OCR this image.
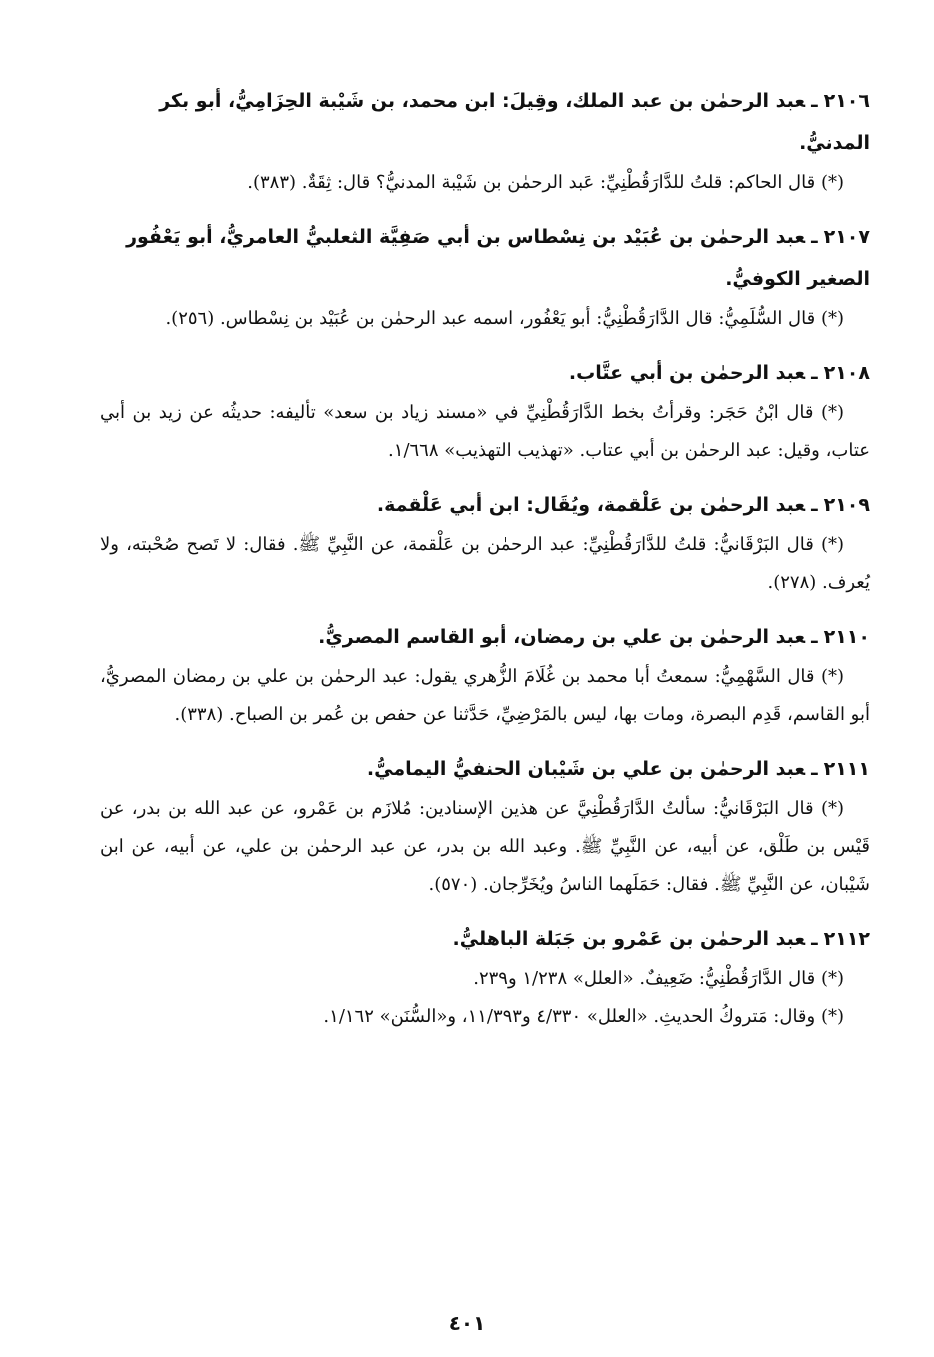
٢١٠٦ـعبد الرحمٰن بن عبد الملك، وقِيلَ: ابن محمد، بن شَيْبة الحِزَامِيُّ، أبو بكر المدنيُّ.

(*) قال الحاكم: قلتُ للدَّارَقُطْنِيِّ: عَبد الرحمٰن بن شَيْبة المدنيُّ؟ قال: ثِقَةٌ. (٣٨٣).

٢١٠٧ـعبد الرحمٰن بن عُبَيْد بن نِسْطاس بن أبي صَفِيَّة الثعلبيُّ العامريُّ، أبو يَعْفُور الصغير الكوفيُّ.

(*) قال السُّلَمِيُّ: قال الدَّارَقُطْنِيُّ: أبو يَعْفُور، اسمه عبد الرحمٰن بن عُبَيْد بن نِسْطاس. (٢٥٦).

٢١٠٨ـعبد الرحمٰن بن أبي عتَّاب.

(*) قال ابْنُ حَجَر: وقرأتُ بخط الدَّارَقُطْنِيِّ في «مسند زياد بن سعد» تأليفه: حديثُه عن زيد بن أبي عتاب، وقيل: عبد الرحمٰن بن أبي عتاب. «تهذيب التهذيب» ١/٦٦٨.

٢١٠٩ـعبد الرحمٰن بن عَلْقمة، ويُقَال: ابن أبي عَلْقمة.

(*) قال البَرْقَانيُّ: قلتُ للدَّارَقُطْنِيِّ: عبد الرحمٰن بن عَلْقمة، عن النَّبِيِّ ﷺ. فقال: لا تَصح صُحْبته، ولا يُعرف. (٢٧٨).

٢١١٠ـعبد الرحمٰن بن علي بن رمضان، أبو القاسم المصريُّ.

(*) قال السَّهْمِيُّ: سمعتُ أبا محمد بن غُلَامَ الزُّهري يقول: عبد الرحمٰن بن علي بن رمضان المصريُّ، أبو القاسم، قَدِم البصرة، ومات بها، ليس بالمَرْضِيِّ، حَدَّثنا عن حفص بن عُمر بن الصباح. (٣٣٨).

٢١١١ـعبد الرحمٰن بن علي بن شَيْبان الحنفيُّ اليماميُّ.

(*) قال البَرْقَانيُّ: سألتُ الدَّارَقُطْنِيَّ عن هذين الإسنادين: مُلازَم بن عَمْرو، عن عبد الله بن بدر، عن قَيْس بن طَلْق، عن أبيه، عن النَّبِيِّ ﷺ. وعبد الله بن بدر، عن عبد الرحمٰن بن علي، عن أبيه، عن ابن شَيْبان، عن النَّبِيِّ ﷺ. فقال: حَمَلَهما الناسُ ويُخَرِّجان. (٥٧٠).

٢١١٢ـعبد الرحمٰن بن عَمْرو بن جَبَلة الباهليُّ.

(*) قال الدَّارَقُطْنِيُّ: ضَعِيفٌ. «العلل» ١/٢٣٨ و٢٣٩.

(*) وقال: مَتروكُ الحديثِ. «العلل» ٤/٣٣٠ و١١/٣٩٣، و«السُّنَن» ١/١٦٢.

٤٠١
